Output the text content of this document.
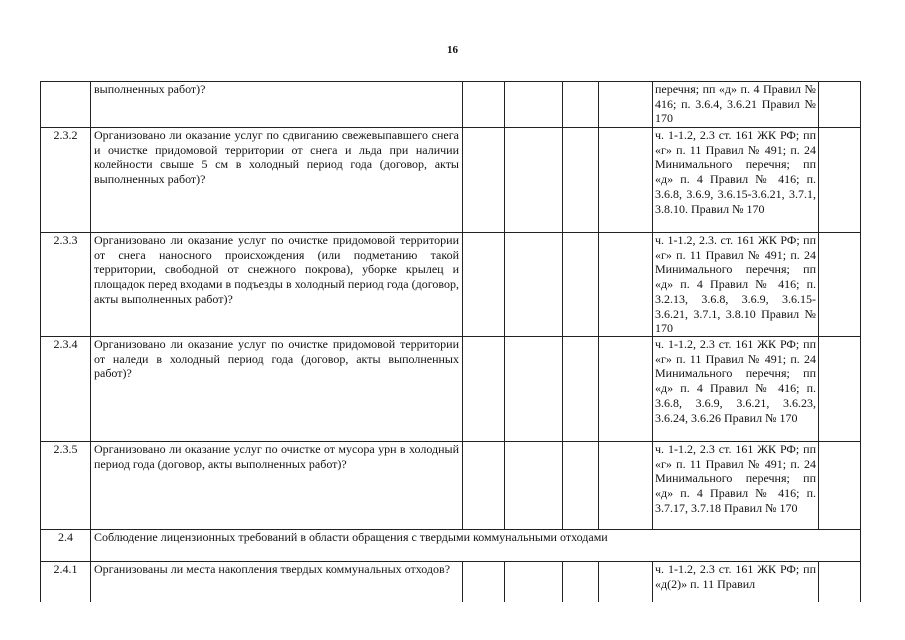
16
	выполненных работ)?					перечня; пп «д» п. 4 Правил № 416; п. 3.6.4, 3.6.21 Правил № 170	
2.3.2	Организовано ли оказание услуг по сдвиганию свежевыпавшего снега и очистке придомовой территории от снега и льда при наличии колейности свыше 5 см в холодный период года (договор, акты выполненных работ)?					ч. 1-1.2, 2.3 ст. 161 ЖК РФ; пп «г» п. 11 Правил № 491; п. 24 Минимального перечня; пп «д» п. 4 Правил № 416; п. 3.6.8, 3.6.9, 3.6.15-3.6.21, 3.7.1, 3.8.10. Правил № 170	
2.3.3	Организовано ли оказание услуг по очистке придомовой территории от снега наносного происхождения (или подметанию такой территории, свободной от снежного покрова), уборке крылец и площадок перед входами в подъезды в холодный период года (договор, акты выполненных работ)?					ч. 1-1.2, 2.3. ст. 161 ЖК РФ; пп «г» п. 11 Правил № 491; п. 24 Минимального перечня; пп «д» п. 4 Правил № 416; п. 3.2.13, 3.6.8, 3.6.9, 3.6.15-3.6.21, 3.7.1, 3.8.10 Правил № 170	
2.3.4	Организовано ли оказание услуг по очистке придомовой территории от наледи в холодный период года (договор, акты выполненных работ)?					ч. 1-1.2, 2.3 ст. 161 ЖК РФ; пп «г» п. 11 Правил № 491; п. 24 Минимального перечня; пп «д» п. 4 Правил № 416; п. 3.6.8, 3.6.9, 3.6.21, 3.6.23, 3.6.24, 3.6.26 Правил № 170	
2.3.5	Организовано ли оказание услуг по очистке от мусора урн в холодный период года (договор, акты выполненных работ)?					ч. 1-1.2, 2.3 ст. 161 ЖК РФ; пп «г» п. 11 Правил № 491; п. 24 Минимального перечня; пп «д» п. 4 Правил № 416; п. 3.7.17, 3.7.18 Правил № 170	
2.4	Соблюдение лицензионных требований в области обращения с твердыми коммунальными отходами						
2.4.1	Организованы ли места накопления твердых коммунальных отходов?					ч. 1-1.2, 2.3 ст. 161 ЖК РФ; пп «д(2)» п. 11 Правил	
